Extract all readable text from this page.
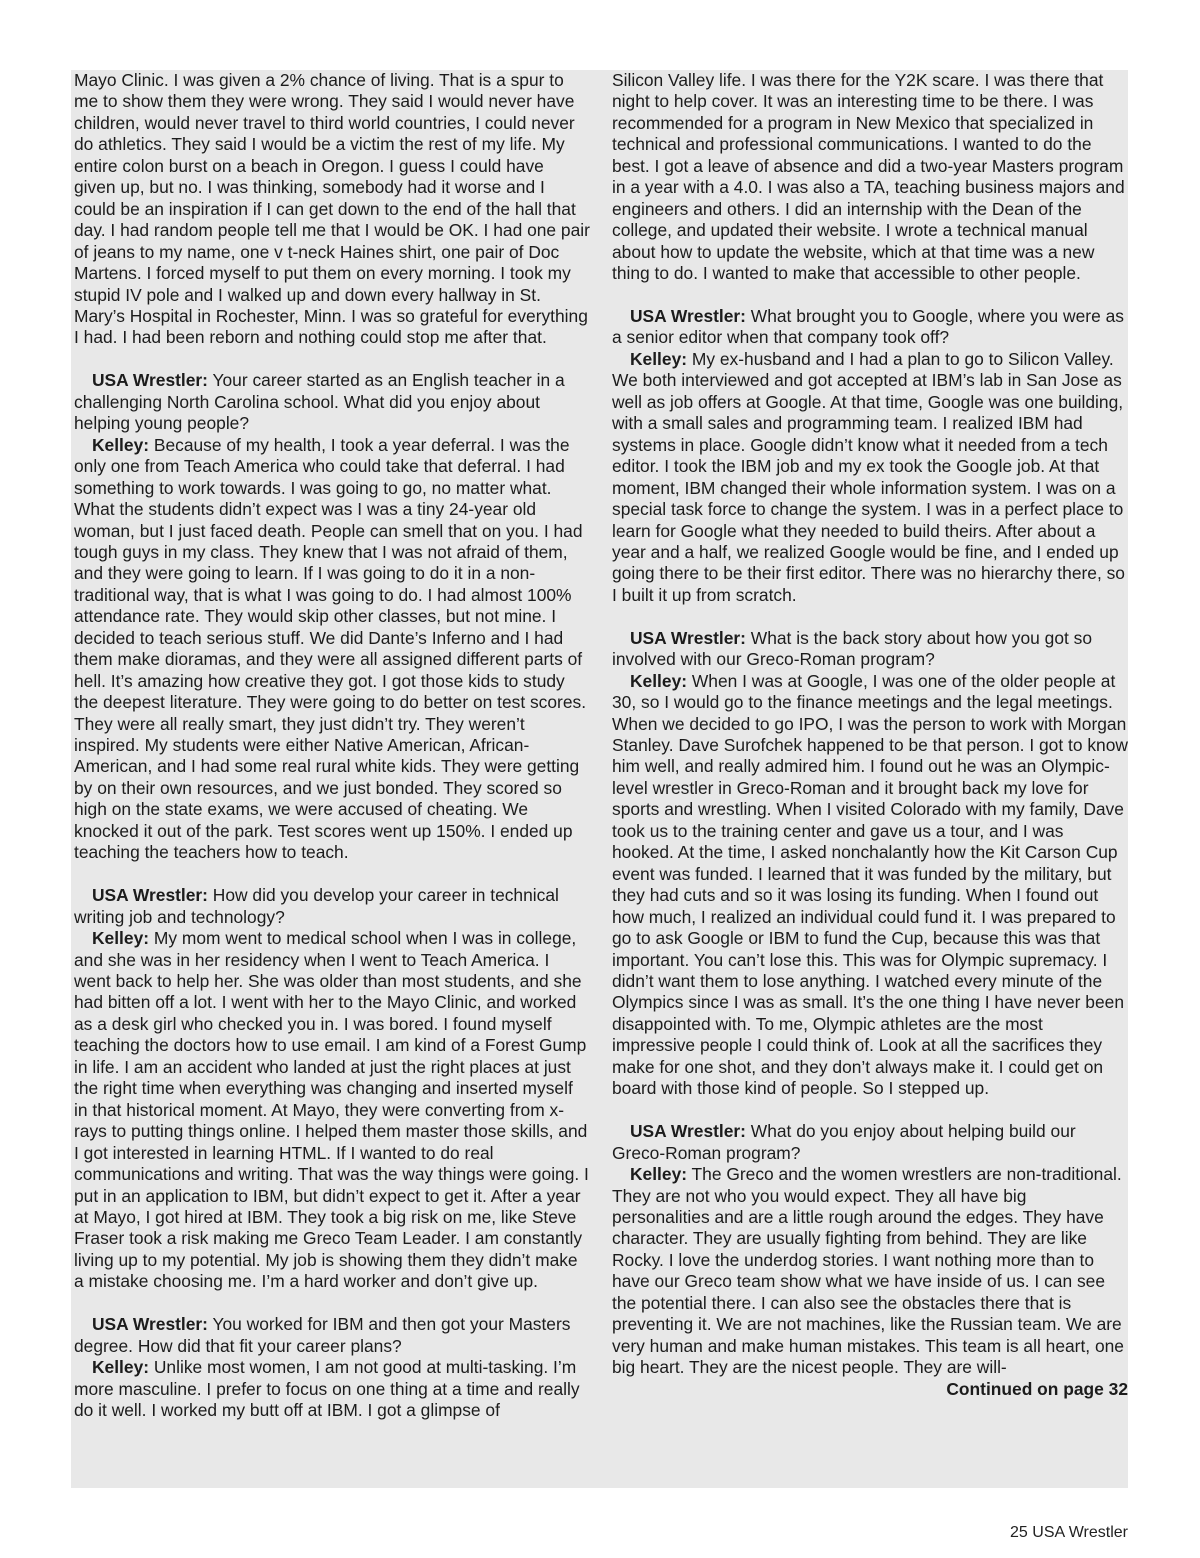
Mayo Clinic. I was given a 2% chance of living. That is a spur to me to show them they were wrong. They said I would never have children, would never travel to third world countries, I could never do athletics. They said I would be a victim the rest of my life. My entire colon burst on a beach in Oregon. I guess I could have given up, but no. I was thinking, somebody had it worse and I could be an inspiration if I can get down to the end of the hall that day. I had random people tell me that I would be OK. I had one pair of jeans to my name, one v t-neck Haines shirt, one pair of Doc Martens. I forced myself to put them on every morning. I took my stupid IV pole and I walked up and down every hallway in St. Mary’s Hospital in Rochester, Minn. I was so grateful for everything I had. I had been reborn and nothing could stop me after that.

USA Wrestler: Your career started as an English teacher in a challenging North Carolina school. What did you enjoy about helping young people?

Kelley: Because of my health, I took a year deferral. I was the only one from Teach America who could take that deferral. I had something to work towards. I was going to go, no matter what. What the students didn’t expect was I was a tiny 24-year old woman, but I just faced death. People can smell that on you. I had tough guys in my class. They knew that I was not afraid of them, and they were going to learn. If I was going to do it in a non-traditional way, that is what I was going to do. I had almost 100% attendance rate. They would skip other classes, but not mine. I decided to teach serious stuff. We did Dante’s Inferno and I had them make dioramas, and they were all assigned different parts of hell. It’s amazing how creative they got. I got those kids to study the deepest literature. They were going to do better on test scores. They were all really smart, they just didn’t try. They weren’t inspired. My students were either Native American, African-American, and I had some real rural white kids. They were getting by on their own resources, and we just bonded. They scored so high on the state exams, we were accused of cheating. We knocked it out of the park. Test scores went up 150%. I ended up teaching the teachers how to teach.

USA Wrestler: How did you develop your career in technical writing job and technology?

Kelley: My mom went to medical school when I was in college, and she was in her residency when I went to Teach America. I went back to help her. She was older than most students, and she had bitten off a lot. I went with her to the Mayo Clinic, and worked as a desk girl who checked you in. I was bored. I found myself teaching the doctors how to use email. I am kind of a Forest Gump in life. I am an accident who landed at just the right places at just the right time when everything was changing and inserted myself in that historical moment. At Mayo, they were converting from x-rays to putting things online. I helped them master those skills, and I got interested in learning HTML. If I wanted to do real communications and writing. That was the way things were going. I put in an application to IBM, but didn’t expect to get it. After a year at Mayo, I got hired at IBM. They took a big risk on me, like Steve Fraser took a risk making me Greco Team Leader. I am constantly living up to my potential. My job is showing them they didn’t make a mistake choosing me. I’m a hard worker and don’t give up.

USA Wrestler: You worked for IBM and then got your Masters degree. How did that fit your career plans?

Kelley: Unlike most women, I am not good at multi-tasking. I’m more masculine. I prefer to focus on one thing at a time and really do it well. I worked my butt off at IBM. I got a glimpse of

Silicon Valley life. I was there for the Y2K scare. I was there that night to help cover. It was an interesting time to be there. I was recommended for a program in New Mexico that specialized in technical and professional communications. I wanted to do the best. I got a leave of absence and did a two-year Masters program in a year with a 4.0. I was also a TA, teaching business majors and engineers and others. I did an internship with the Dean of the college, and updated their website. I wrote a technical manual about how to update the website, which at that time was a new thing to do. I wanted to make that accessible to other people.

USA Wrestler: What brought you to Google, where you were as a senior editor when that company took off?

Kelley: My ex-husband and I had a plan to go to Silicon Valley. We both interviewed and got accepted at IBM’s lab in San Jose as well as job offers at Google. At that time, Google was one building, with a small sales and programming team. I realized IBM had systems in place. Google didn’t know what it needed from a tech editor. I took the IBM job and my ex took the Google job. At that moment, IBM changed their whole information system. I was on a special task force to change the system. I was in a perfect place to learn for Google what they needed to build theirs. After about a year and a half, we realized Google would be fine, and I ended up going there to be their first editor. There was no hierarchy there, so I built it up from scratch.

USA Wrestler: What is the back story about how you got so involved with our Greco-Roman program?

Kelley: When I was at Google, I was one of the older people at 30, so I would go to the finance meetings and the legal meetings. When we decided to go IPO, I was the person to work with Morgan Stanley. Dave Surofchek happened to be that person. I got to know him well, and really admired him. I found out he was an Olympic-level wrestler in Greco-Roman and it brought back my love for sports and wrestling. When I visited Colorado with my family, Dave took us to the training center and gave us a tour, and I was hooked. At the time, I asked nonchalantly how the Kit Carson Cup event was funded. I learned that it was funded by the military, but they had cuts and so it was losing its funding. When I found out how much, I realized an individual could fund it. I was prepared to go to ask Google or IBM to fund the Cup, because this was that important. You can’t lose this. This was for Olympic supremacy. I didn’t want them to lose anything. I watched every minute of the Olympics since I was as small. It’s the one thing I have never been disappointed with. To me, Olympic athletes are the most impressive people I could think of. Look at all the sacrifices they make for one shot, and they don’t always make it. I could get on board with those kind of people. So I stepped up.

USA Wrestler: What do you enjoy about helping build our Greco-Roman program?

Kelley: The Greco and the women wrestlers are non-traditional. They are not who you would expect. They all have big personalities and are a little rough around the edges. They have character. They are usually fighting from behind. They are like Rocky. I love the underdog stories. I want nothing more than to have our Greco team show what we have inside of us. I can see the potential there. I can also see the obstacles there that is preventing it. We are not machines, like the Russian team. We are very human and make human mistakes. This team is all heart, one big heart. They are the nicest people. They are will-

Continued on page 32

25 USA Wrestler
